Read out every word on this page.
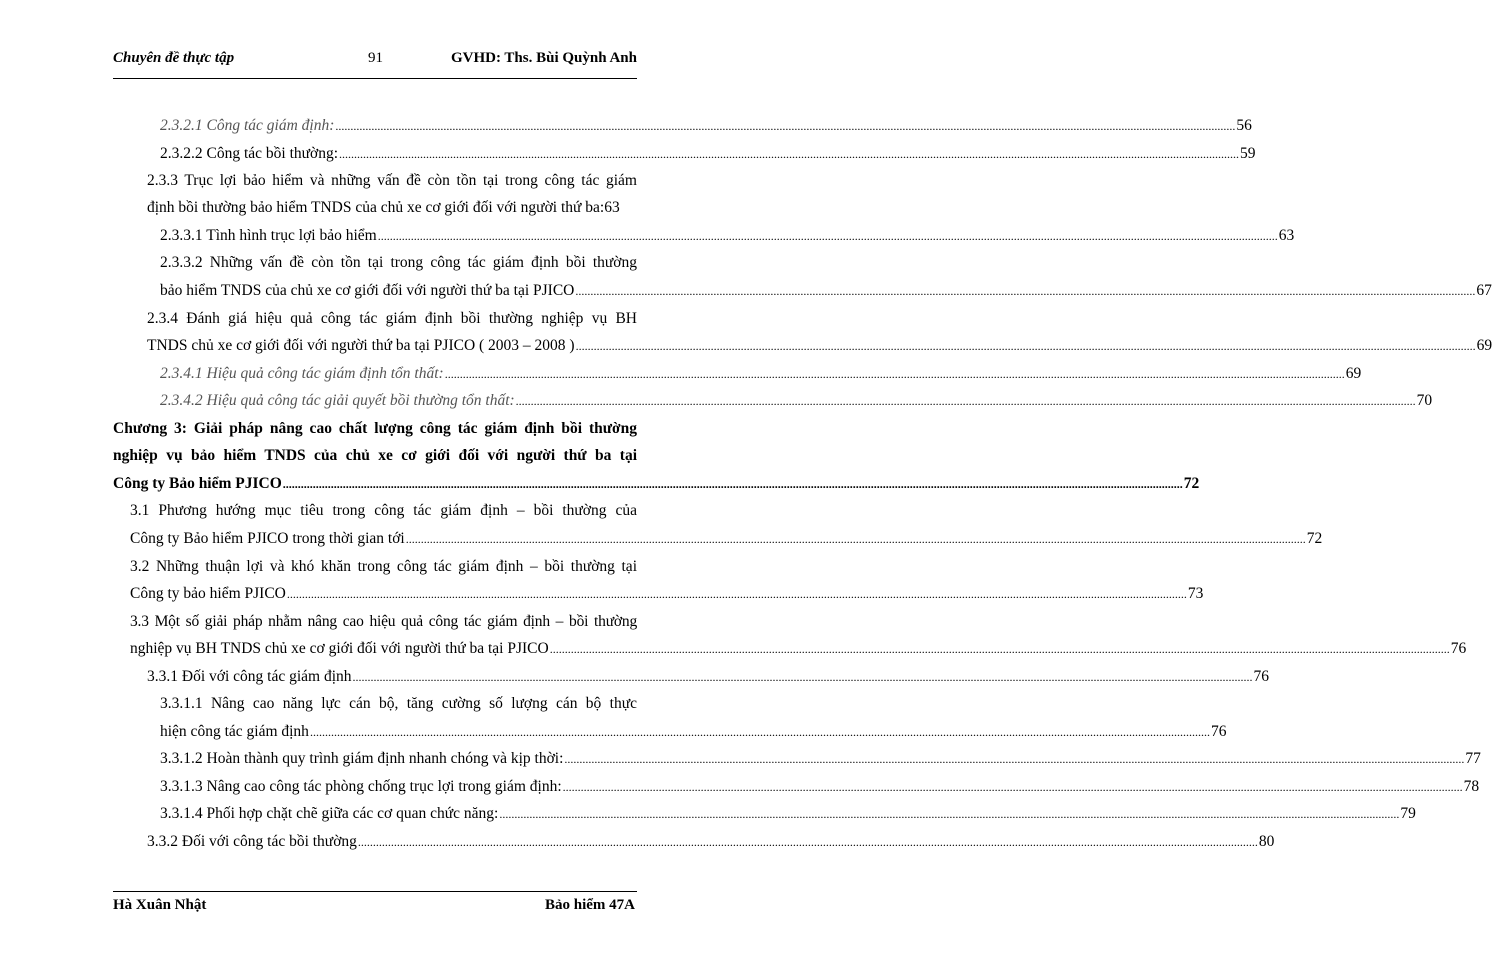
Chuyên đề thực tập	91	GVHD: Ths. Bùi Quỳnh Anh
2.3.2.1 Công tác giám định: ............................................................................................................................................................................................................................................................................................................ 56
2.3.2.2 Công tác bồi thường: ............................................................................................................................................................................................................................................................................................................ 59
2.3.3 Trục lợi bảo hiểm và những vấn đề còn tồn tại trong công tác giám
định bồi thường bảo hiểm TNDS của chủ xe cơ giới đối với người thứ ba: 63
2.3.3.1 Tình hình trục lợi bảo hiểm ............................................................................................................................................................................................................................................................................................................ 63
2.3.3.2 Những vấn đề còn tồn tại trong công tác giám định bồi thường
bảo hiểm TNDS của chủ xe cơ giới đối với người thứ ba tại PJICO ............................................................................................................................................................................................................................................................................................................ 67
2.3.4 Đánh giá hiệu quả công tác giám định bồi thường nghiệp vụ BH
TNDS chủ xe cơ giới đối với người thứ ba tại PJICO ( 2003 – 2008 ) ............................................................................................................................................................................................................................................................................................................ 69
2.3.4.1 Hiệu quả công tác giám định tổn thất: ............................................................................................................................................................................................................................................................................................................ 69
2.3.4.2 Hiệu quả công tác giải quyết bồi thường tổn thất: ............................................................................................................................................................................................................................................................................................................ 70
Chương 3: Giải pháp nâng cao chất lượng công tác giám định bồi thường
nghiệp vụ bảo hiểm TNDS của chủ xe cơ giới đối với người thứ ba tại
Công ty Bảo hiểm PJICO ............................................................................................................................................................................................................................................................................................................ 72
3.1 Phương hướng mục tiêu trong công tác giám định – bồi thường của
Công ty Bảo hiểm PJICO trong thời gian tới ............................................................................................................................................................................................................................................................................................................ 72
3.2 Những thuận lợi và khó khăn trong công tác giám định – bồi thường tại
Công ty bảo hiểm PJICO ............................................................................................................................................................................................................................................................................................................ 73
3.3 Một số giải pháp nhằm nâng cao hiệu quả công tác giám định – bồi thường
nghiệp vụ BH TNDS chủ xe cơ giới đối với người thứ ba tại PJICO ............................................................................................................................................................................................................................................................................................................ 76
3.3.1 Đối với công tác giám định ............................................................................................................................................................................................................................................................................................................ 76
3.3.1.1 Nâng cao năng lực cán bộ, tăng cường số lượng cán bộ thực
hiện công tác giám định ............................................................................................................................................................................................................................................................................................................ 76
3.3.1.2 Hoàn thành quy trình giám định nhanh chóng và kịp thời: ............................................................................................................................................................................................................................................................................................................ 77
3.3.1.3 Nâng cao công tác phòng chống trục lợi trong giám định: ............................................................................................................................................................................................................................................................................................................ 78
3.3.1.4 Phối hợp chặt chẽ giữa các cơ quan chức năng: ............................................................................................................................................................................................................................................................................................................ 79
3.3.2 Đối với công tác bồi thường ............................................................................................................................................................................................................................................................................................................ 80
Hà Xuân Nhật	Bảo hiểm 47A
